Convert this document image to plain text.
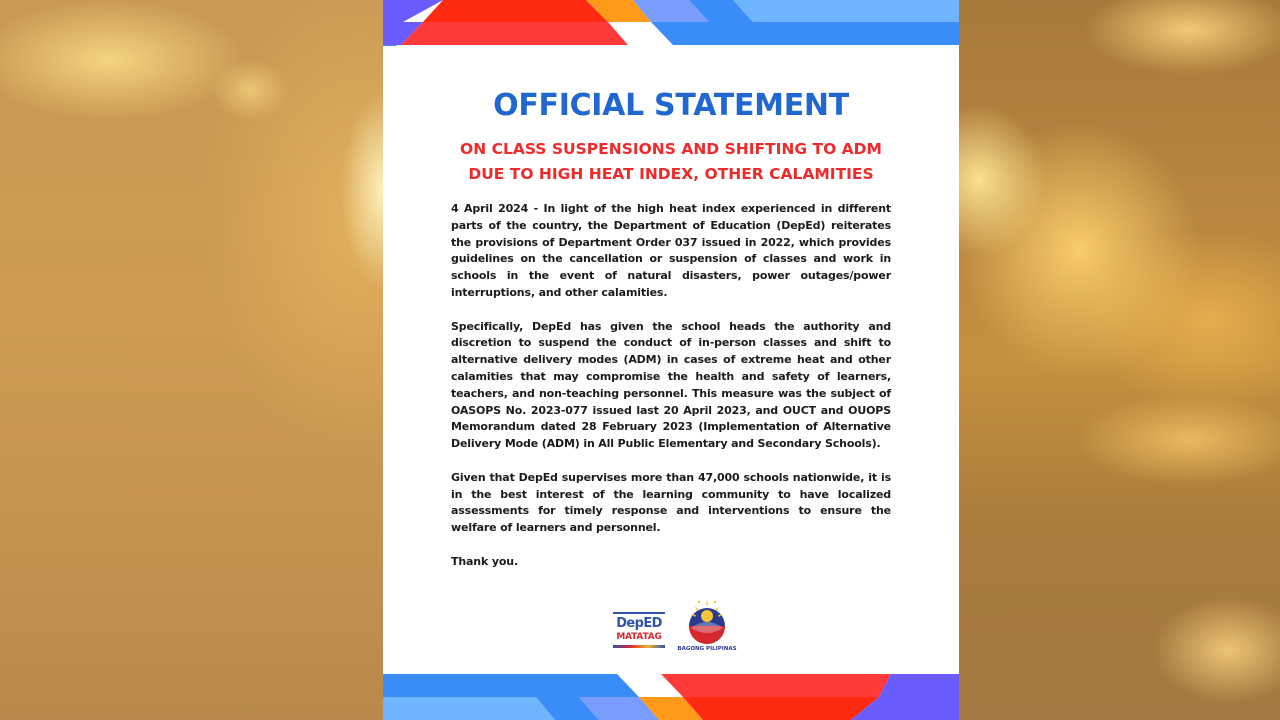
OFFICIAL STATEMENT
ON CLASS SUSPENSIONS AND SHIFTING TO ADM
DUE TO HIGH HEAT INDEX, OTHER CALAMITIES

4 April 2024 - In light of the high heat index experienced in different parts of the country, the Department of Education (DepEd) reiterates the provisions of Department Order 037 issued in 2022, which provides guidelines on the cancellation or suspension of classes and work in schools in the event of natural disasters, power outages/power interruptions, and other calamities.

Specifically, DepEd has given the school heads the authority and discretion to suspend the conduct of in-person classes and shift to alternative delivery modes (ADM) in cases of extreme heat and other calamities that may compromise the health and safety of learners, teachers, and non-teaching personnel. This measure was the subject of OASOPS No. 2023-077 issued last 20 April 2023, and OUCT and OUOPS Memorandum dated 28 February 2023 (Implementation of Alternative Delivery Mode (ADM) in All Public Elementary and Secondary Schools).

Given that DepEd supervises more than 47,000 schools nationwide, it is in the best interest of the learning community to have localized assessments for timely response and interventions to ensure the welfare of learners and personnel.

Thank you.

DepED
MATATAG
BAGONG PILIPINAS
